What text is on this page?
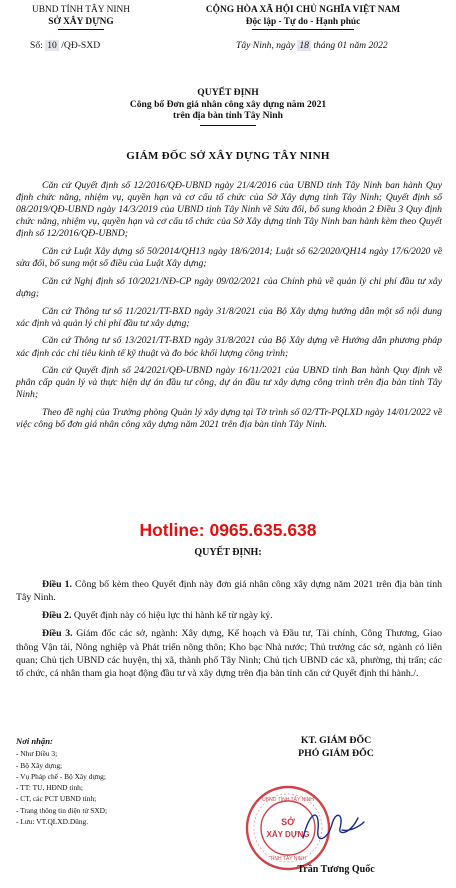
UBND TỈNH TÂY NINH
SỞ XÂY DỰNG
CỘNG HÒA XÃ HỘI CHỦ NGHĨA VIỆT NAM
Độc lập - Tự do - Hạnh phúc
Số: 10 /QĐ-SXD	Tây Ninh, ngày 18 tháng 01 năm 2022
QUYẾT ĐỊNH
Công bố Đơn giá nhân công xây dựng năm 2021
trên địa bàn tỉnh Tây Ninh
GIÁM ĐỐC SỞ XÂY DỰNG TÂY NINH

Căn cứ Quyết định số 12/2016/QĐ-UBND ngày 21/4/2016 của UBND tỉnh Tây Ninh ban hành Quy định chức năng, nhiệm vụ, quyền hạn và cơ cấu tổ chức của Sở Xây dựng tỉnh Tây Ninh; Quyết định số 08/2019/QĐ-UBND ngày 14/3/2019 của UBND tỉnh Tây Ninh về Sửa đổi, bổ sung khoản 2 Điều 3 Quy định chức năng, nhiệm vụ, quyền hạn và cơ cấu tổ chức của Sở Xây dựng tỉnh Tây Ninh ban hành kèm theo Quyết định số 12/2016/QĐ-UBND;

Căn cứ Luật Xây dựng số 50/2014/QH13 ngày 18/6/2014; Luật số 62/2020/QH14 ngày 17/6/2020 về sửa đổi, bổ sung một số điều của Luật Xây dựng;

Căn cứ Nghị định số 10/2021/NĐ-CP ngày 09/02/2021 của Chính phủ về quản lý chi phí đầu tư xây dựng;

Căn cứ Thông tư số 11/2021/TT-BXD ngày 31/8/2021 của Bộ Xây dựng hướng dẫn một số nội dung xác định và quản lý chi phí đầu tư xây dựng;

Căn cứ Thông tư số 13/2021/TT-BXD ngày 31/8/2021 của Bộ Xây dựng về Hướng dẫn phương pháp xác định các chỉ tiêu kinh tế kỹ thuật và đo bóc khối lượng công trình;

Căn cứ Quyết định số 24/2021/QĐ-UBND ngày 16/11/2021 của UBND tỉnh Ban hành Quy định về phân cấp quản lý và thực hiện dự án đầu tư công, dự án đầu tư xây dựng công trình trên địa bàn tỉnh Tây Ninh;

Theo đề nghị của Trưởng phòng Quản lý xây dựng tại Tờ trình số 02/TTr-PQLXD ngày 14/01/2022 về việc công bố đơn giá nhân công xây dựng năm 2021 trên địa bàn tỉnh Tây Ninh.

Hotline: 0965.635.638
QUYẾT ĐỊNH:

Điều 1. Công bố kèm theo Quyết định này đơn giá nhân công xây dựng năm 2021 trên địa bàn tỉnh Tây Ninh.

Điều 2. Quyết định này có hiệu lực thi hành kể từ ngày ký.

Điều 3. Giám đốc các sở, ngành: Xây dựng, Kế hoạch và Đầu tư, Tài chính, Công Thương, Giao thông Vận tải, Nông nghiệp và Phát triển nông thôn; Kho bạc Nhà nước; Thủ trưởng các sở, ngành có liên quan; Chủ tịch UBND các huyện, thị xã, thành phố Tây Ninh; Chủ tịch UBND các xã, phường, thị trấn; các tổ chức, cá nhân tham gia hoạt động đầu tư và xây dựng trên địa bàn tỉnh căn cứ Quyết định thi hành./.

Nơi nhận:
- Như Điều 3;
- Bộ Xây dựng;
- Vụ Pháp chế - Bộ Xây dựng;
- TT: TU, HĐND tỉnh;
- CT, các PCT UBND tỉnh;
- Trang thông tin điện tử SXD;
- Lưu: VT.QLXD.Dũng.
KT. GIÁM ĐỐC
PHÓ GIÁM ĐỐC
SỞ
XÂY DỰNG
UBND TỈNH TÂY NINH
TỈNH TÂY NINH
Trần Tương Quốc
